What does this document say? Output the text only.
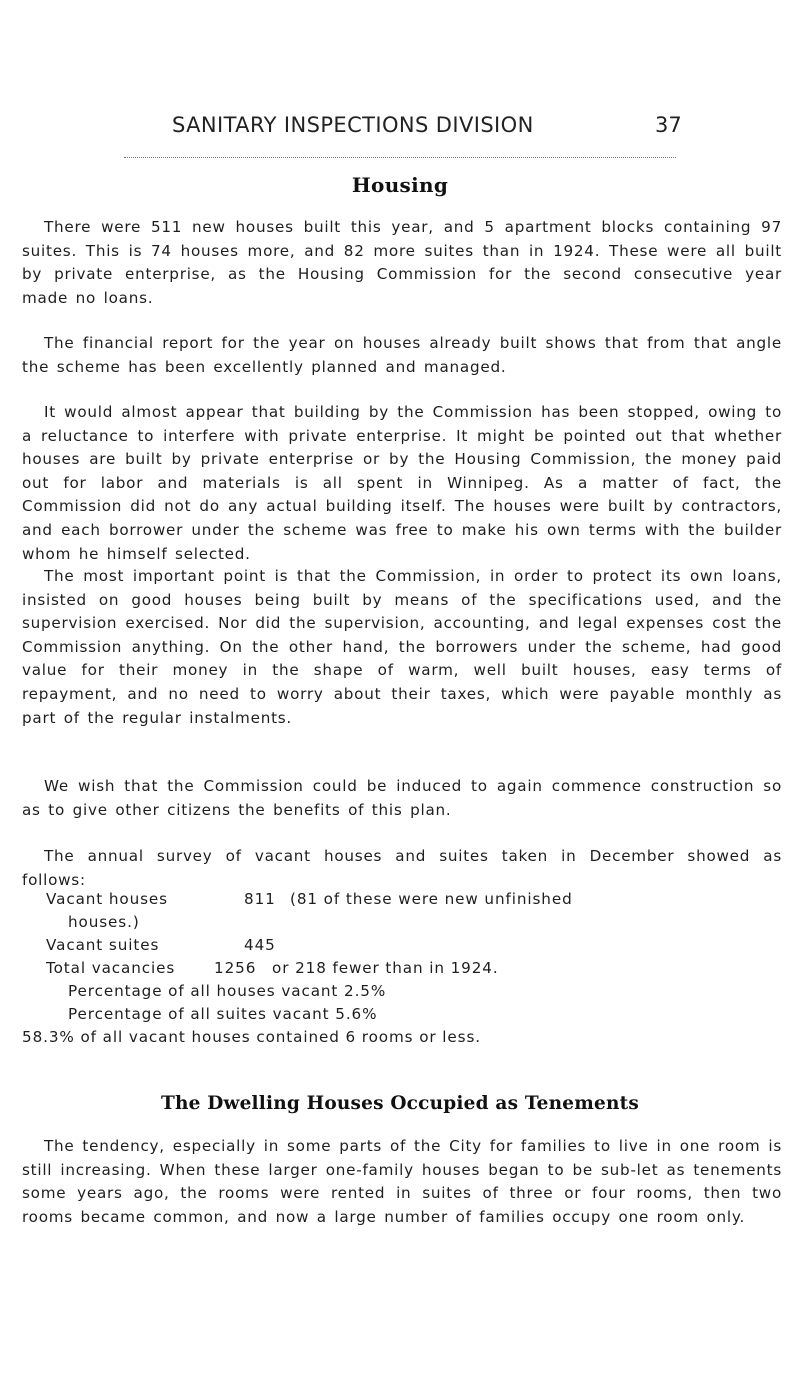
SANITARY INSPECTIONS DIVISION	37
Housing

There were 511 new houses built this year, and 5 apartment blocks containing 97 suites. This is 74 houses more, and 82 more suites than in 1924. These were all built by private enterprise, as the Housing Commission for the second consecutive year made no loans.

The financial report for the year on houses already built shows that from that angle the scheme has been excellently planned and managed.

It would almost appear that building by the Commission has been stopped, owing to a reluctance to interfere with private enterprise. It might be pointed out that whether houses are built by private enterprise or by the Housing Commission, the money paid out for labor and materials is all spent in Winnipeg. As a matter of fact, the Commission did not do any actual building itself. The houses were built by contractors, and each borrower under the scheme was free to make his own terms with the builder whom he himself selected.

The most important point is that the Commission, in order to protect its own loans, insisted on good houses being built by means of the specifications used, and the supervision exercised. Nor did the supervision, accounting, and legal expenses cost the Commission anything. On the other hand, the borrowers under the scheme, had good value for their money in the shape of warm, well built houses, easy terms of repayment, and no need to worry about their taxes, which were payable monthly as part of the regular instalments.

We wish that the Commission could be induced to again commence construction so as to give other citizens the benefits of this plan.

The annual survey of vacant houses and suites taken in December showed as follows:

Vacant houses	811 (81 of these were new unfinished
houses.)
Vacant suites	445
Total vacancies	1256 or 218 fewer than in 1924.
Percentage of all houses vacant 2.5%
Percentage of all suites vacant 5.6%
58.3% of all vacant houses contained 6 rooms or less.
The Dwelling Houses Occupied as Tenements

The tendency, especially in some parts of the City for families to live in one room is still increasing. When these larger one-family houses began to be sub-let as tenements some years ago, the rooms were rented in suites of three or four rooms, then two rooms became common, and now a large number of families occupy one room only.
